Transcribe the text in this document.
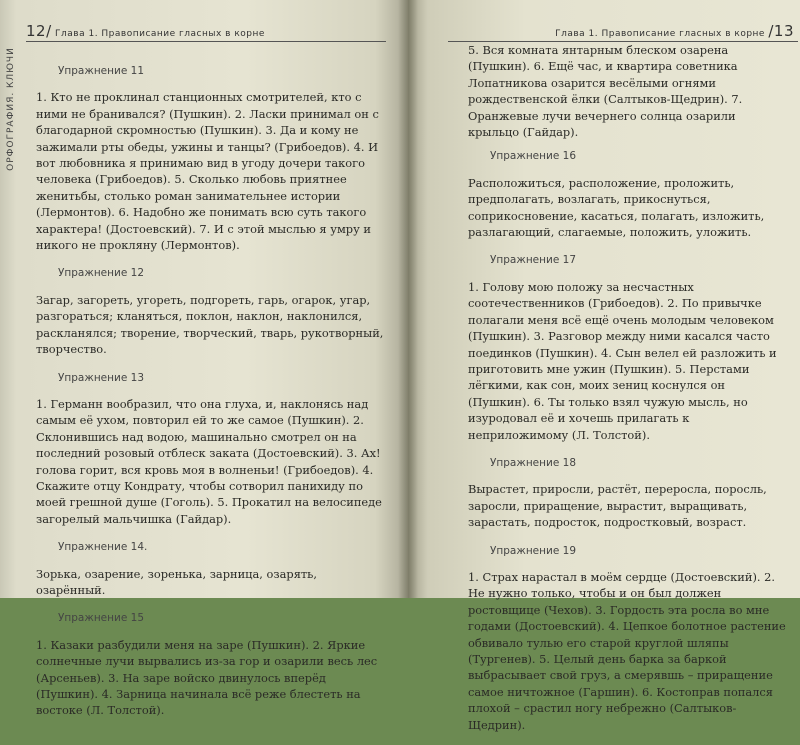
12/ Глава 1. Правописание гласных в корне
ОРФОГРАФИЯ. КЛЮЧИ	Упражнение 11
1. Кто не проклинал станционных смотрителей, кто с ними не бранивался? (Пушкин). 2. Ласки принимал он с благодарной скромностью (Пушкин). 3. Да и кому не зажимали рты обеды, ужины и танцы? (Грибоедов). 4. И вот любовника я принимаю вид в угоду дочери такого человека (Грибоедов). 5. Сколько любовь приятнее женитьбы, столько роман занимательнее истории (Лермонтов). 6. Надобно же понимать всю суть такого характера! (Достоевский). 7. И с этой мыслью я умру и никого не прокляну (Лермонтов).
Упражнение 12
Загар, загореть, угореть, подгореть, гарь, огарок, угар, разгораться; кланяться, поклон, наклон, наклонился, раскланялся; творение, творческий, тварь, рукотворный, творчество.
Упражнение 13
1. Германн вообразил, что она глуха, и, наклонясь над самым её ухом, повторил ей то же самое (Пушкин). 2. Склонившись над водою, машинально смотрел он на последний розовый отблеск заката (Достоевский). 3. Ах! голова горит, вся кровь моя в волненьи! (Грибоедов). 4. Скажите отцу Кондрату, чтобы сотворил панихиду по моей грешной душе (Гоголь). 5. Прокатил на велосипеде загорелый мальчишка (Гайдар).
Упражнение 14.
Зорька, озарение, зоренька, зарница, озарять, озарённый.
Упражнение 15
1. Казаки разбудили меня на заре (Пушкин). 2. Яркие солнечные лучи вырвались из-за гор и озарили весь лес (Арсеньев). 3. На заре войско двинулось вперёд (Пушкин). 4. Зарница начинала всё реже блестеть на востоке (Л. Толстой).
Глава 1. Правописание гласных в корне /13
5. Вся комната янтарным блеском озарена (Пушкин). 6. Ещё час, и квартира советника Лопатникова озарится весёлыми огнями рождественской ёлки (Салтыков-Щедрин). 7. Оранжевые лучи вечернего солнца озарили крыльцо (Гайдар).
Упражнение 16
Расположиться, расположение, проложить, предполагать, возлагать, прикоснуться, соприкосновение, касаться, полагать, изложить, разлагающий, слагаемые, положить, уложить.
Упражнение 17
1. Голову мою положу за несчастных соотечественников (Грибоедов). 2. По привычке полагали меня всё ещё очень молодым человеком (Пушкин). 3. Разговор между ними касался часто поединков (Пушкин). 4. Сын велел ей разложить и приготовить мне ужин (Пушкин). 5. Перстами лёгкими, как сон, моих зениц коснулся он (Пушкин). 6. Ты только взял чужую мысль, но изуродовал её и хочешь прилагать к неприложимому (Л. Толстой).
Упражнение 18
Вырастет, приросли, растёт, переросла, поросль, заросли, приращение, вырастит, выращивать, зарастать, подросток, подростковый, возраст.
Упражнение 19
1. Страх нарастал в моём сердце (Достоевский). 2. Не нужно только, чтобы и он был должен ростовщице (Чехов). 3. Гордость эта росла во мне годами (Достоевский). 4. Цепкое болотное растение обвивало тулью его старой круглой шляпы (Тургенев). 5. Целый день барка за баркой выбрасывает свой груз, а смерявшь – приращение самое ничтожное (Гаршин). 6. Костоправ попался плохой – срастил ногу небрежно (Салтыков-Щедрин).
